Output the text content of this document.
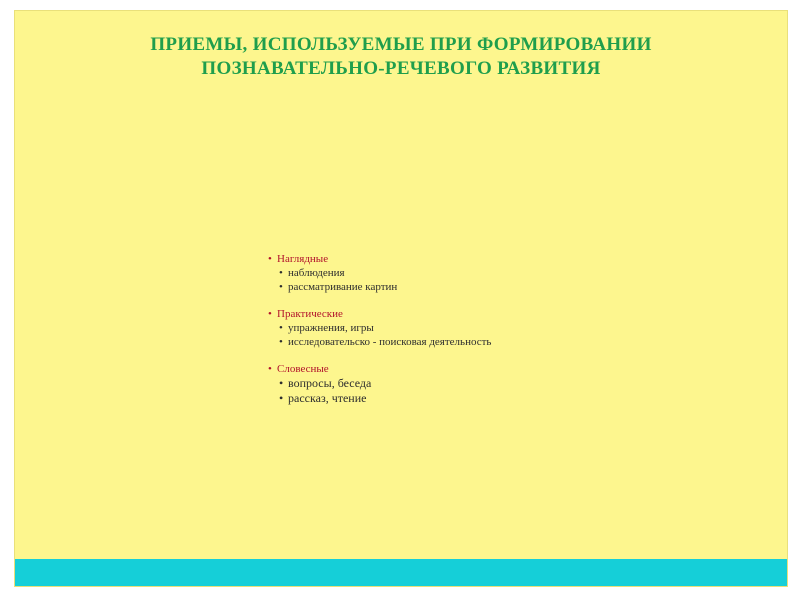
ПРИЕМЫ, ИСПОЛЬЗУЕМЫЕ ПРИ ФОРМИРОВАНИИ
ПОЗНАВАТЕЛЬНО-РЕЧЕВОГО РАЗВИТИЯ
• Наглядные
• наблюдения
• рассматривание картин
• Практические
• упражнения, игры
• исследовательско - поисковая деятельность
• Словесные
• вопросы, беседа
• рассказ, чтение
